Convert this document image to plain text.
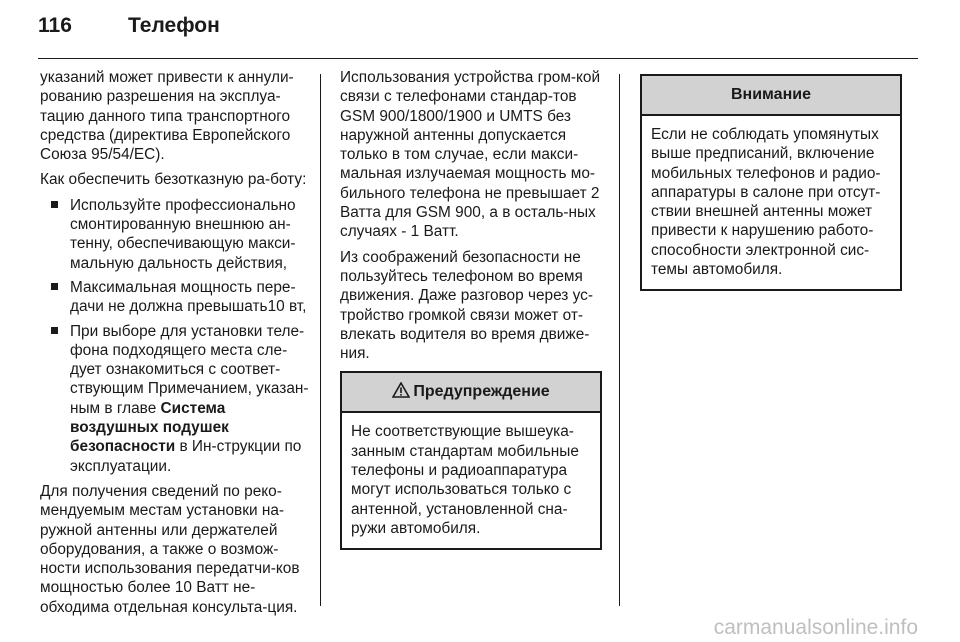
116	Телефон

указаний может привести к аннули-рованию разрешения на эксплуа-тацию данного типа транспортного средства (директива Европейского Союза 95/54/EC).

Как обеспечить безотказную ра-боту:

Используйте профессионально смонтированную внешнюю ан-тенну, обеспечивающую макси-мальную дальность действия,
Максимальная мощность пере-дачи не должна превышать10 вт,
При выборе для установки теле-фона подходящего места сле-дует ознакомиться с соответ-ствующим Примечанием, указан-ным в главе Система воздушных подушек безопасности в Ин-струкции по эксплуатации.

Для получения сведений по реко-мендуемым местам установки на-ружной антенны или держателей оборудования, а также о возмож-ности использования передатчи-ков мощностью более 10 Ватт не-обходима отдельная консульта-ция.

Использования устройства гром-кой связи с телефонами стандар-тов GSM 900/1800/1900 и UMTS без наружной антенны допускается только в том случае, если макси-мальная излучаемая мощность мо-бильного телефона не превышает 2 Ватта для GSM 900, а в осталь-ных случаях - 1 Ватт.

Из соображений безопасности не пользуйтесь телефоном во время движения. Даже разговор через ус-тройство громкой связи может от-влекать водителя во время движе-ния.

Предупреждение
Не соответствующие вышеука-занным стандартам мобильные телефоны и радиоаппаратура могут использоваться только с антенной, установленной сна-ружи автомобиля.
Внимание
Если не соблюдать упомянутых выше предписаний, включение мобильных телефонов и радио-аппаратуры в салоне при отсут-ствии внешней антенны может привести к нарушению работо-способности электронной сис-темы автомобиля.
carmanualsonline.info
